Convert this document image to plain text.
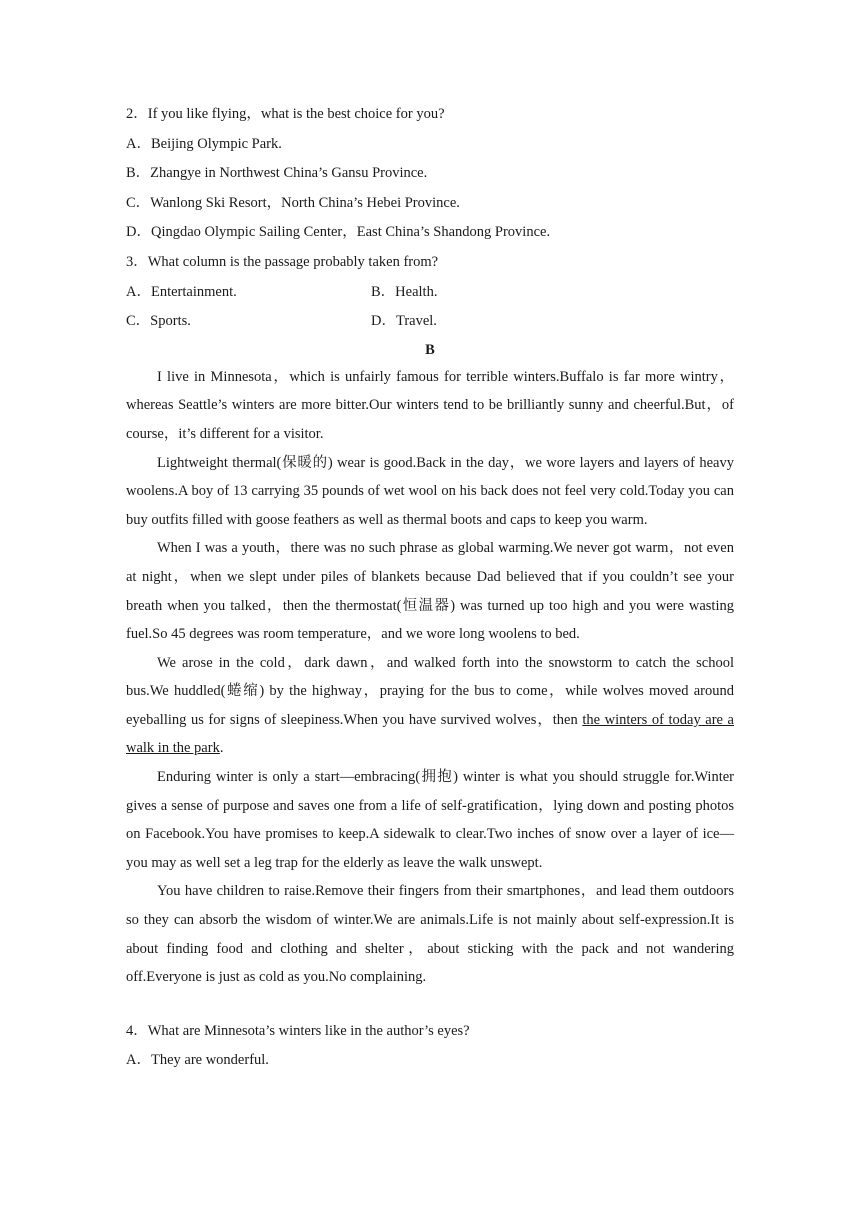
2．If you like flying，what is the best choice for you?

A．Beijing Olympic Park.

B．Zhangye in Northwest China’s Gansu Province.

C．Wanlong Ski Resort，North China’s Hebei Province.

D．Qingdao Olympic Sailing Center，East China’s Shandong Province.

3．What column is the passage probably taken from?

A．Entertainment.	B．Health.
C．Sports.	D．Travel.

B

I live in Minnesota，which is unfairly famous for terrible winters.Buffalo is far more wintry，whereas Seattle’s winters are more bitter.Our winters tend to be brilliantly sunny and cheerful.But，of course，it’s different for a visitor.

Lightweight thermal(保暖的) wear is good.Back in the day，we wore layers and layers of heavy woolens.A boy of 13 carrying 35 pounds of wet wool on his back does not feel very cold.Today you can buy outfits filled with goose feathers as well as thermal boots and caps to keep you warm.

When I was a youth，there was no such phrase as global warming.We never got warm，not even at night，when we slept under piles of blankets because Dad believed that if you couldn’t see your breath when you talked，then the thermostat(恒温器) was turned up too high and you were wasting fuel.So 45 degrees was room temperature，and we wore long woolens to bed.

We arose in the cold，dark dawn，and walked forth into the snowstorm to catch the school bus.We huddled(蜷缩) by the highway，praying for the bus to come，while wolves moved around eyeballing us for signs of sleepiness.When you have survived wolves，then the winters of today are a walk in the park.

Enduring winter is only a start—embracing(拥抱) winter is what you should struggle for.Winter gives a sense of purpose and saves one from a life of self-gratification，lying down and posting photos on Facebook.You have promises to keep.A sidewalk to clear.Two inches of snow over a layer of ice—you may as well set a leg trap for the elderly as leave the walk unswept.

You have children to raise.Remove their fingers from their smartphones，and lead them outdoors so they can absorb the wisdom of winter.We are animals.Life is not mainly about self-expression.It is about finding food and clothing and shelter，about sticking with the pack and not wandering off.Everyone is just as cold as you.No complaining.

4．What are Minnesota’s winters like in the author’s eyes?

A．They are wonderful.
